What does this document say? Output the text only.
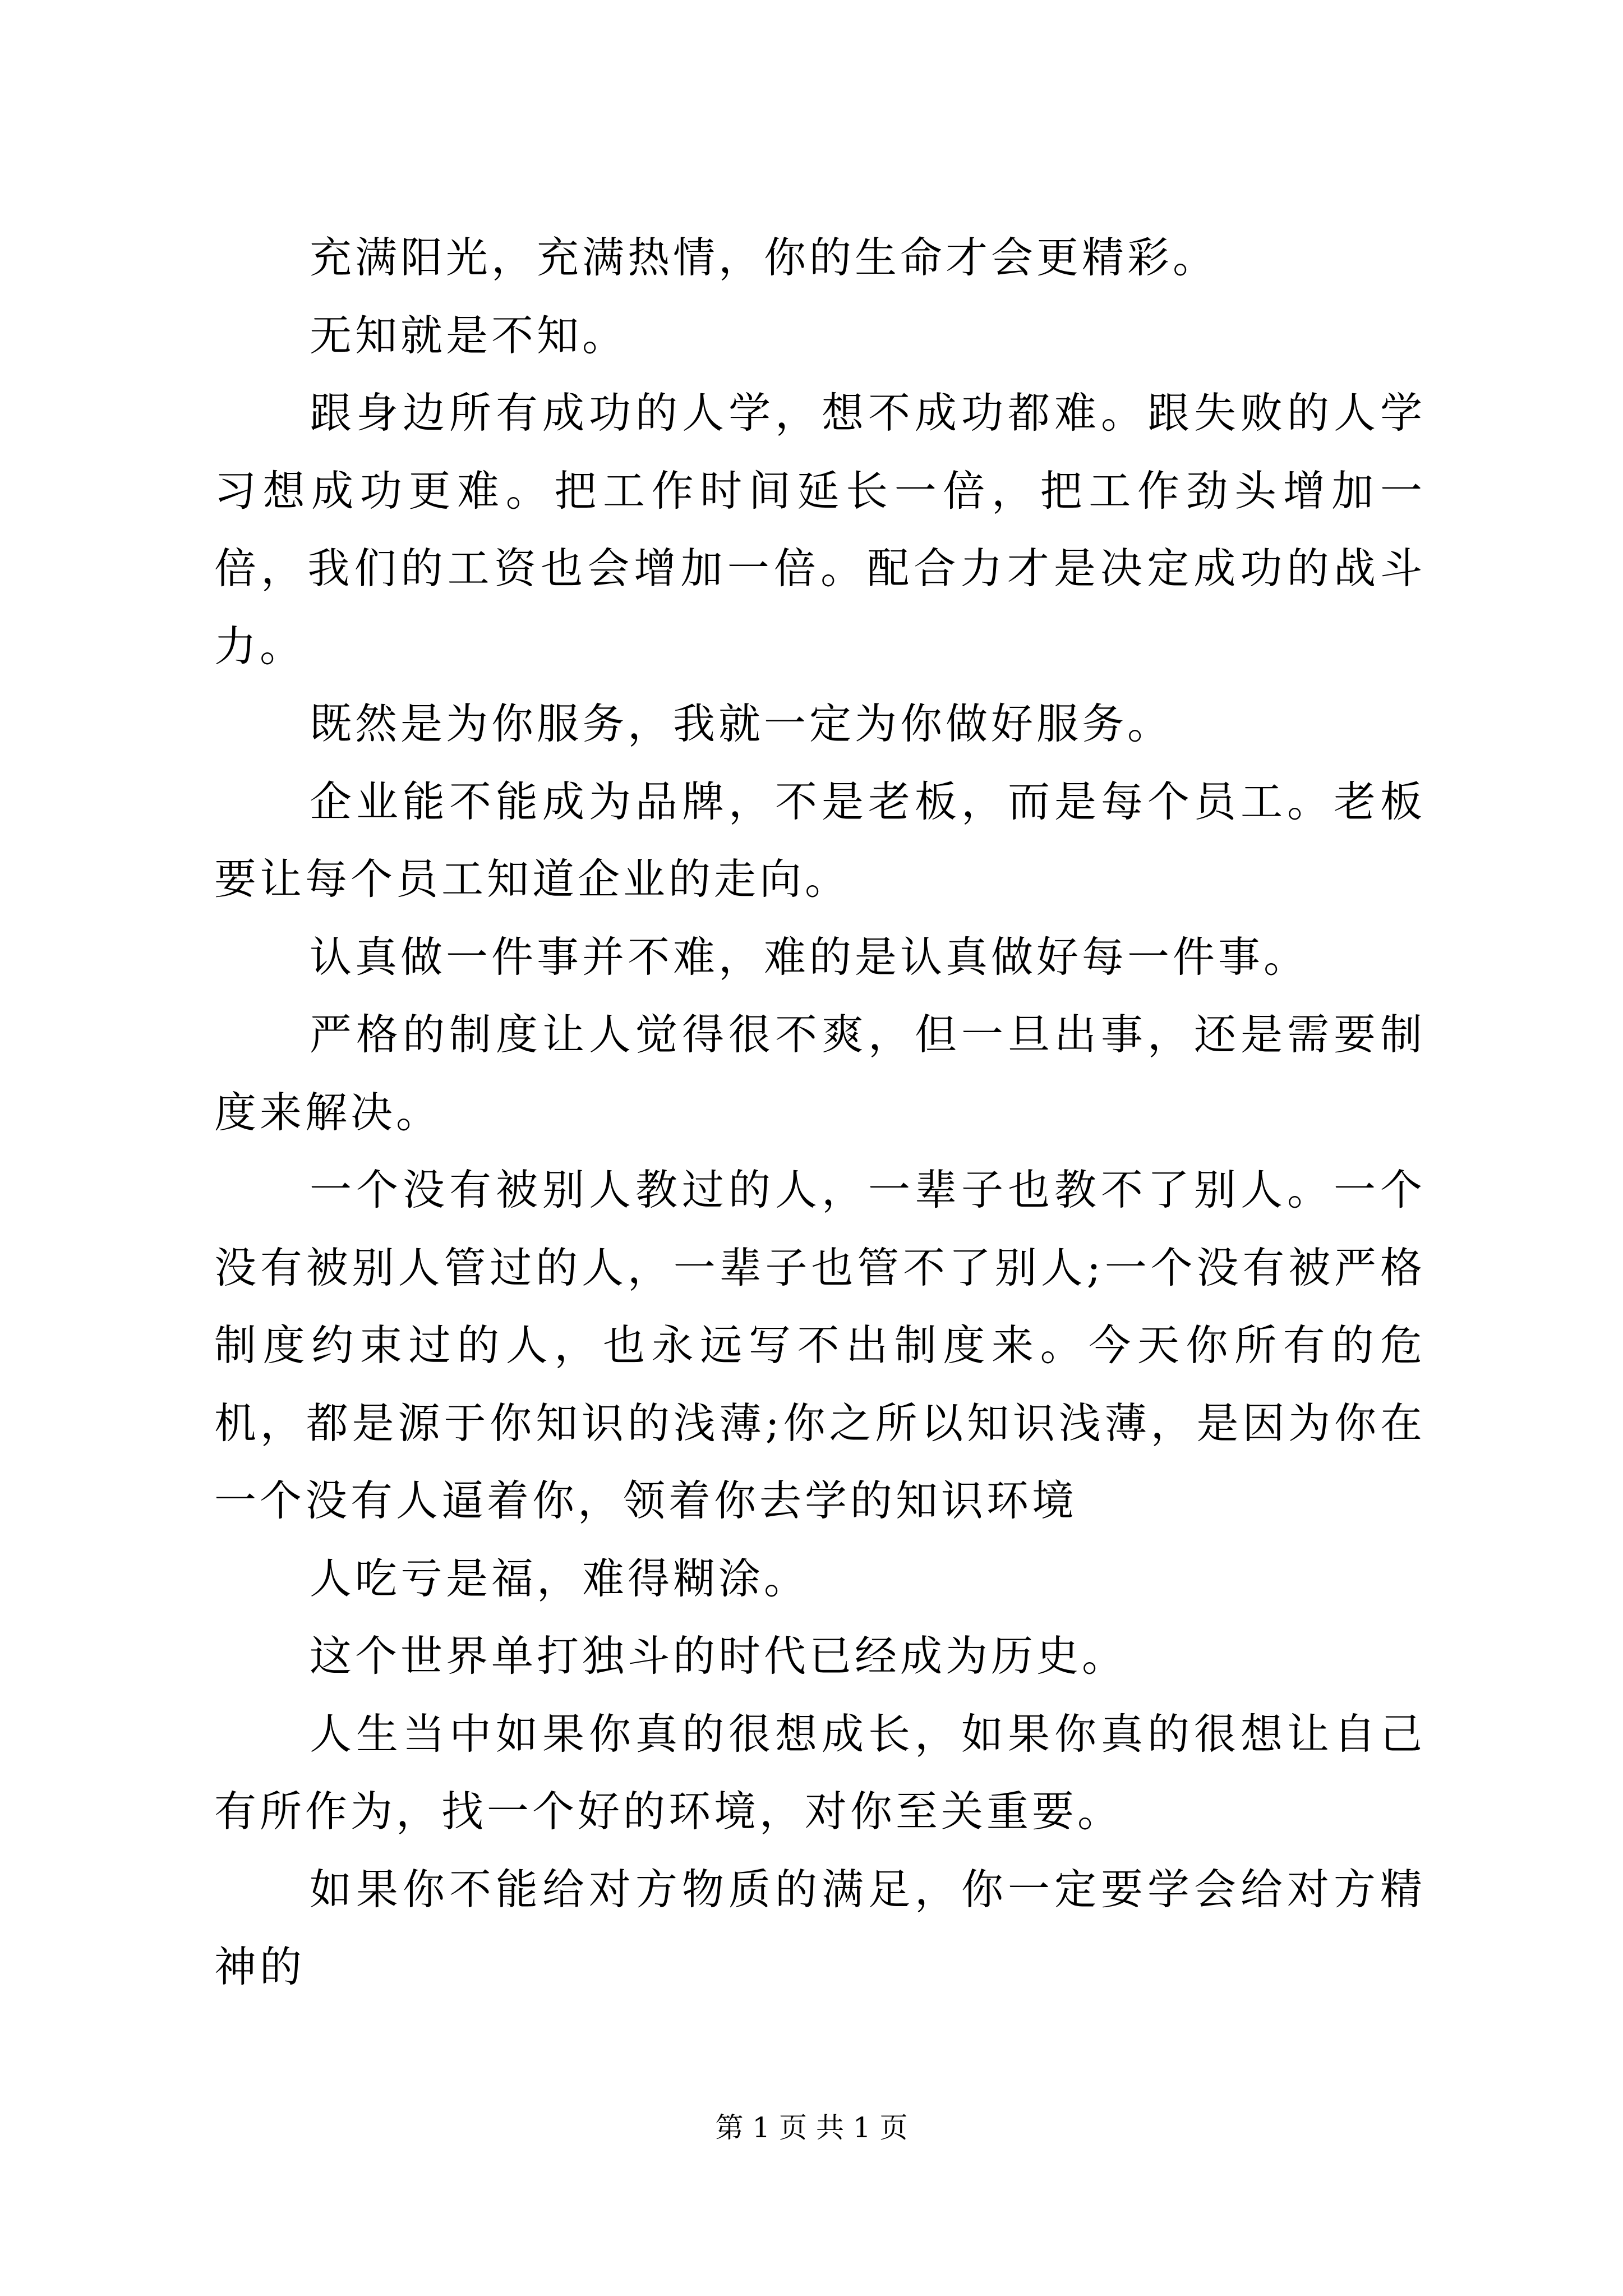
充满阳光，充满热情，你的生命才会更精彩。

无知就是不知。

跟身边所有成功的人学，想不成功都难。跟失败的人学习想成功更难。把工作时间延长一倍，把工作劲头增加一倍，我们的工资也会增加一倍。配合力才是决定成功的战斗力。

既然是为你服务，我就一定为你做好服务。

企业能不能成为品牌，不是老板，而是每个员工。老板要让每个员工知道企业的走向。

认真做一件事并不难，难的是认真做好每一件事。

严格的制度让人觉得很不爽，但一旦出事，还是需要制度来解决。

一个没有被别人教过的人，一辈子也教不了别人。一个没有被别人管过的人，一辈子也管不了别人;一个没有被严格制度约束过的人，也永远写不出制度来。今天你所有的危机，都是源于你知识的浅薄;你之所以知识浅薄，是因为你在一个没有人逼着你，领着你去学的知识环境

人吃亏是福，难得糊涂。

这个世界单打独斗的时代已经成为历史。

人生当中如果你真的很想成长，如果你真的很想让自己有所作为，找一个好的环境，对你至关重要。

如果你不能给对方物质的满足，你一定要学会给对方精神的

第 1 页 共 1 页
